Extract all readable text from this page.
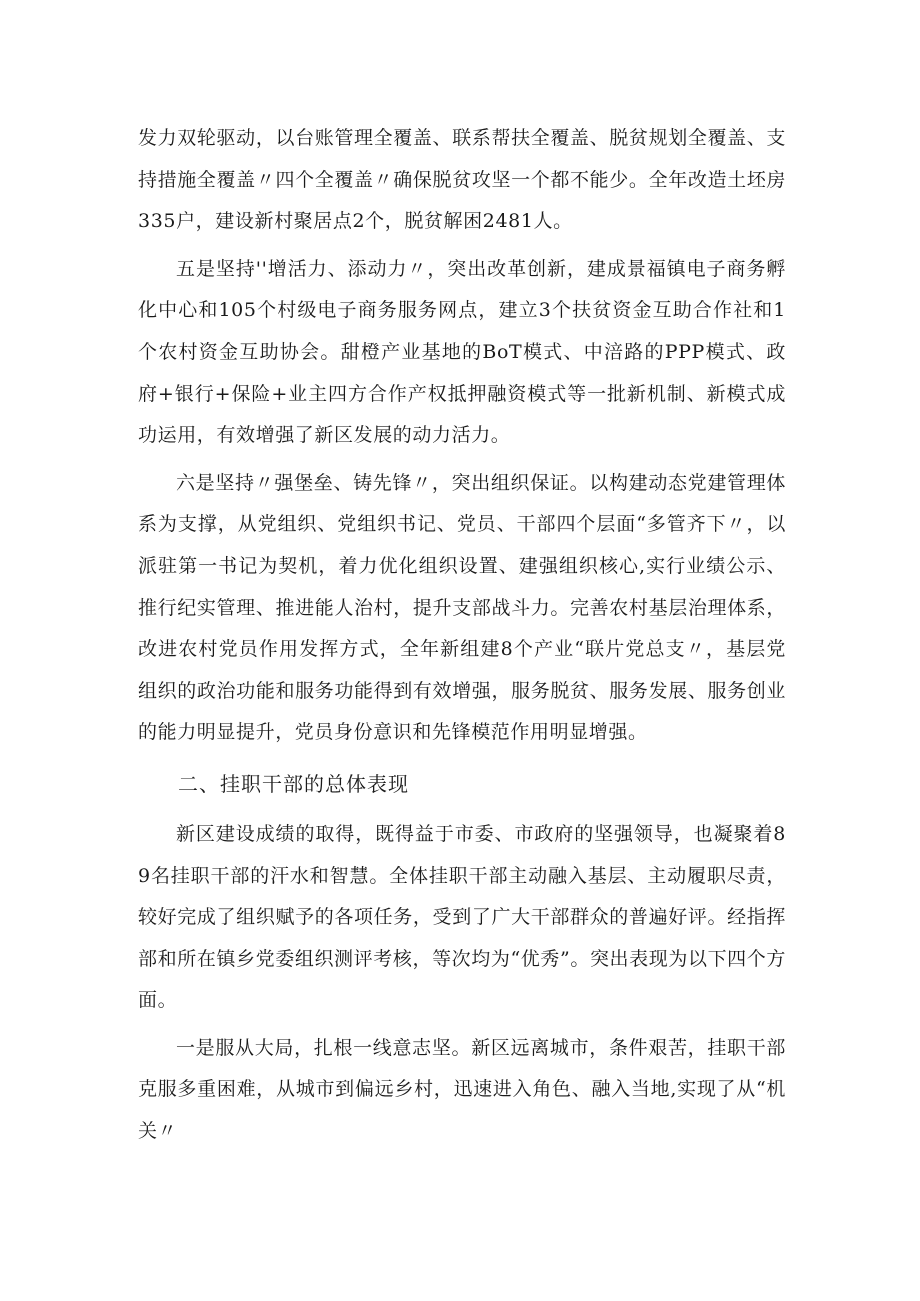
发力双轮驱动，以台账管理全覆盖、联系帮扶全覆盖、脱贫规划全覆盖、支持措施全覆盖〃四个全覆盖〃确保脱贫攻坚一个都不能少。全年改造土坯房335户，建设新村聚居点2个，脱贫解困2481人。

五是坚持''增活力、添动力〃，突出改革创新，建成景福镇电子商务孵化中心和105个村级电子商务服务网点，建立3个扶贫资金互助合作社和1个农村资金互助协会。甜橙产业基地的BoT模式、中涪路的PPP模式、政府+银行+保险+业主四方合作产权抵押融资模式等一批新机制、新模式成功运用，有效增强了新区发展的动力活力。

六是坚持〃强堡垒、铸先锋〃，突出组织保证。以构建动态党建管理体系为支撑，从党组织、党组织书记、党员、干部四个层面“多管齐下〃，以派驻第一书记为契机，着力优化组织设置、建强组织核心,实行业绩公示、推行纪实管理、推进能人治村，提升支部战斗力。完善农村基层治理体系，改进农村党员作用发挥方式，全年新组建8个产业“联片党总支〃，基层党组织的政治功能和服务功能得到有效增强，服务脱贫、服务发展、服务创业的能力明显提升，党员身份意识和先锋模范作用明显增强。

二、挂职干部的总体表现

新区建设成绩的取得，既得益于市委、市政府的坚强领导，也凝聚着89名挂职干部的汗水和智慧。全体挂职干部主动融入基层、主动履职尽责，较好完成了组织赋予的各项任务，受到了广大干部群众的普遍好评。经指挥部和所在镇乡党委组织测评考核，等次均为“优秀”。突出表现为以下四个方面。

一是服从大局，扎根一线意志坚。新区远离城市，条件艰苦，挂职干部克服多重困难，从城市到偏远乡村，迅速进入角色、融入当地,实现了从“机关〃
